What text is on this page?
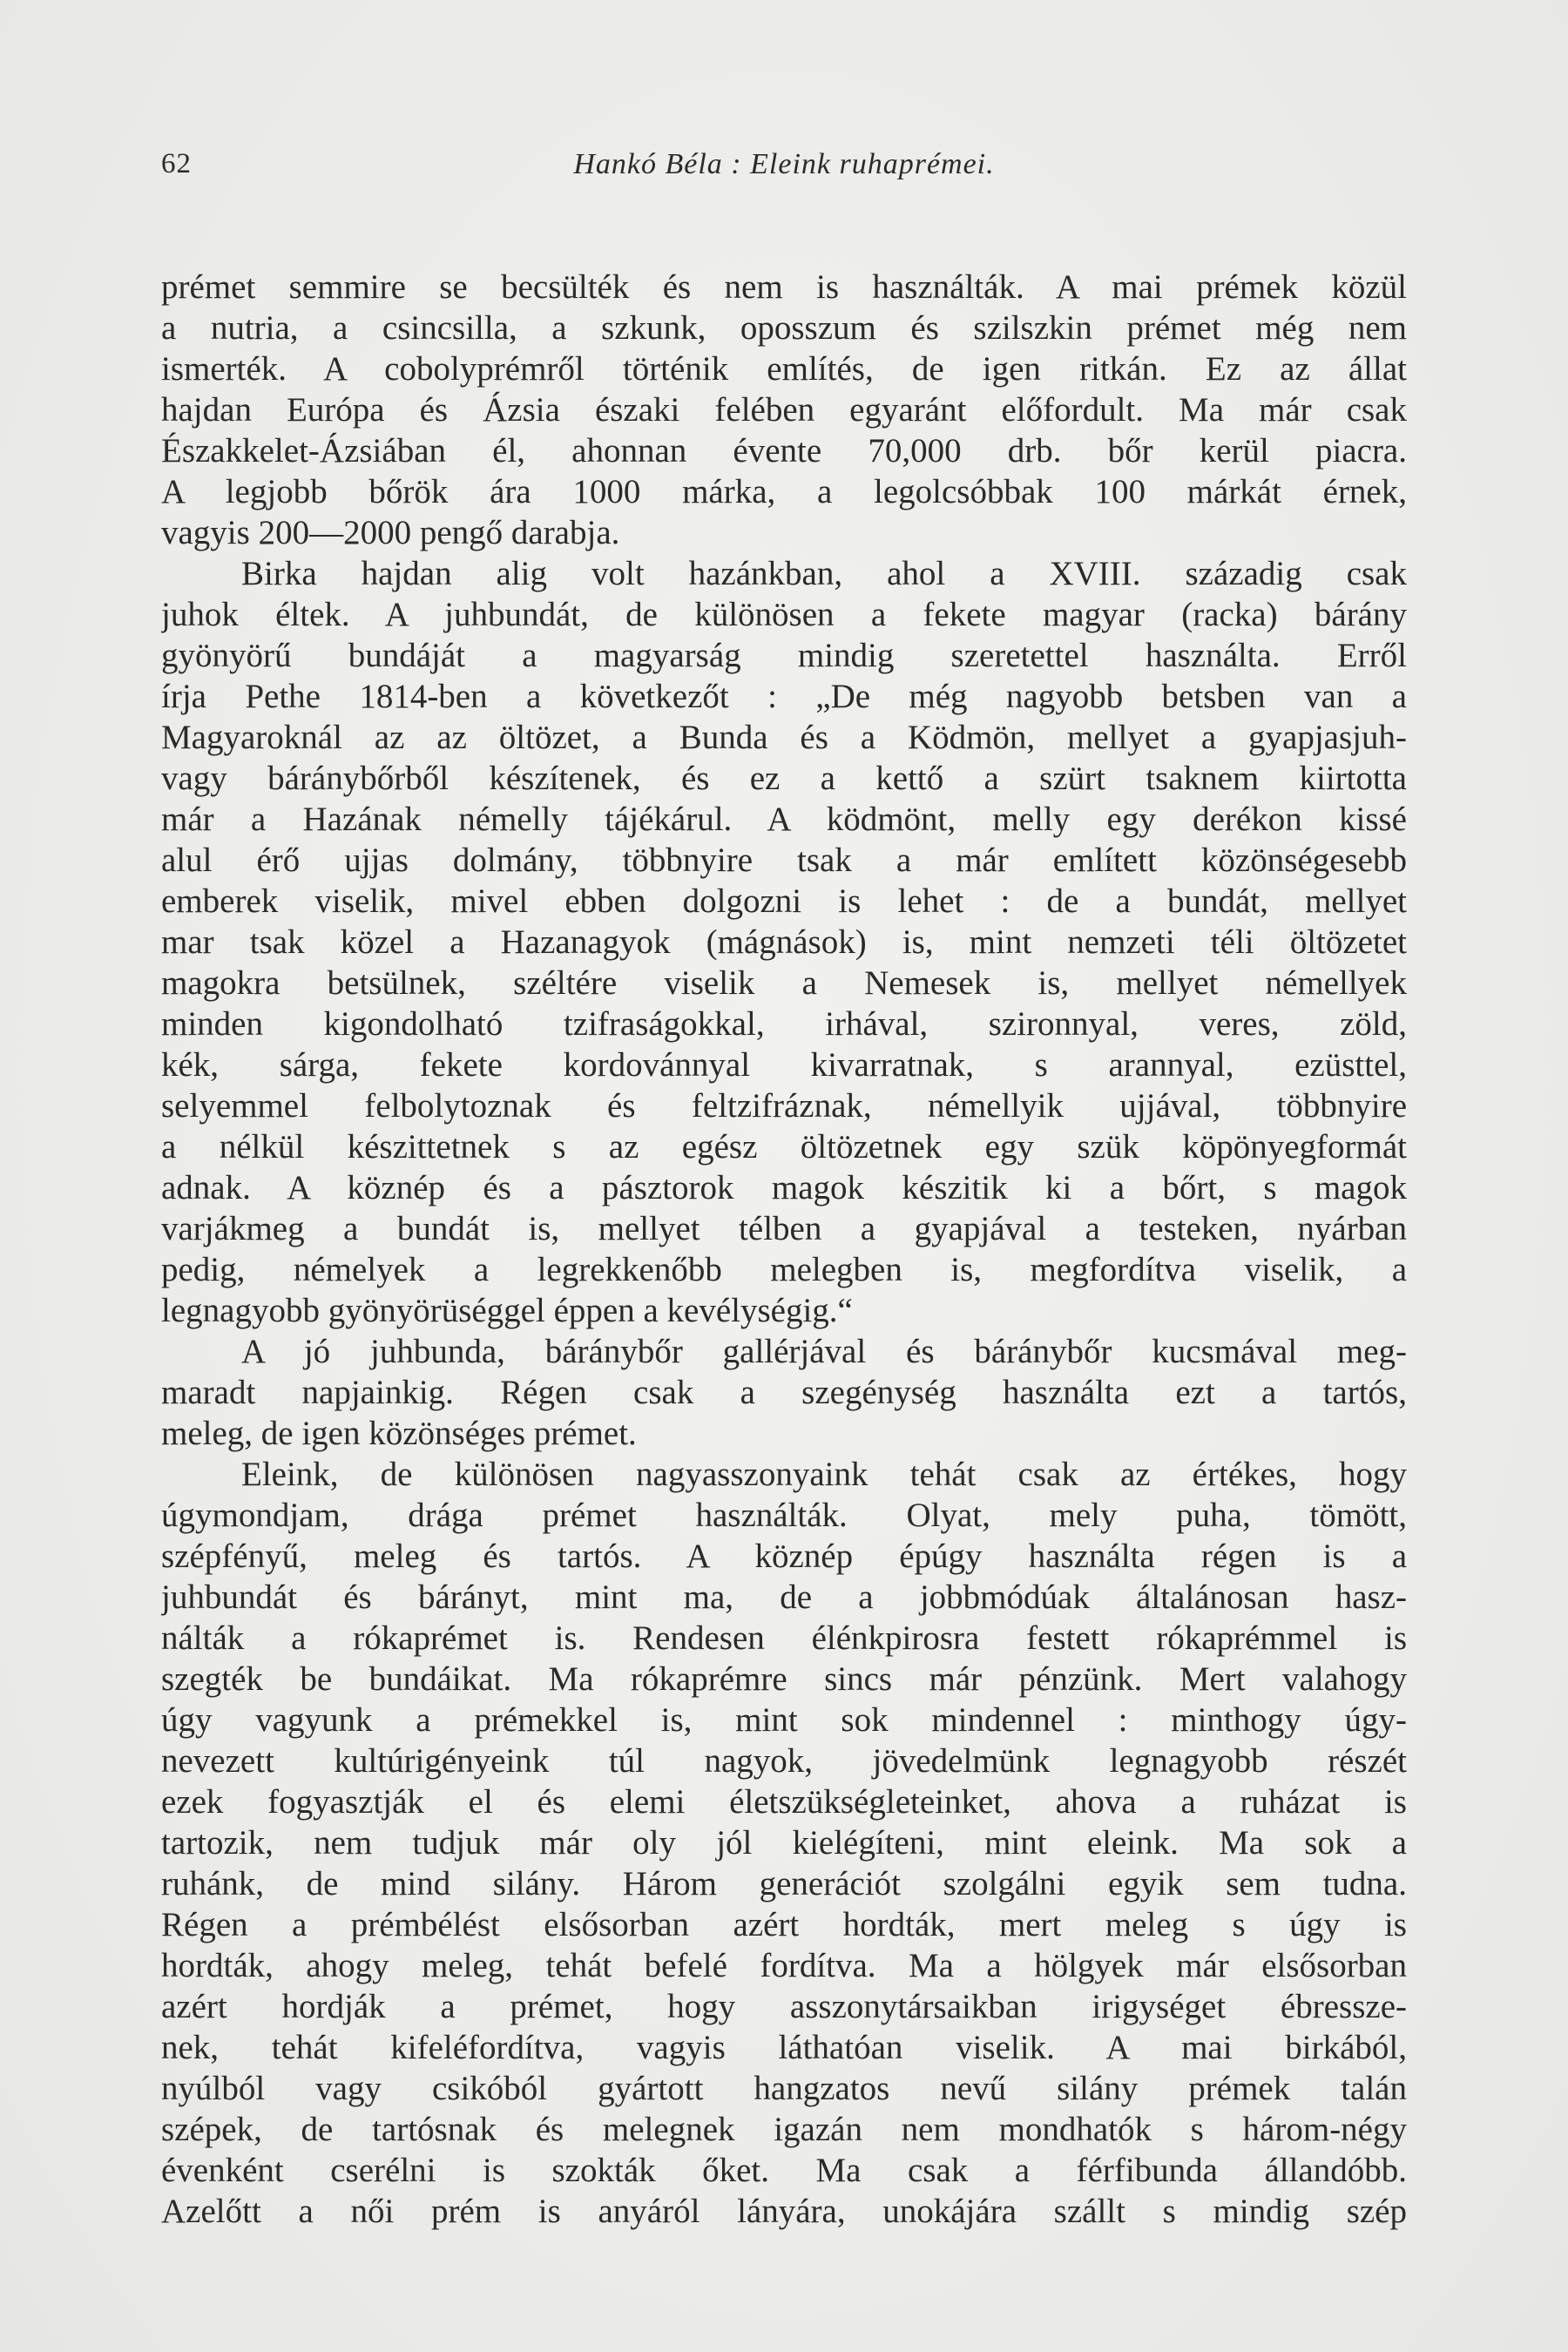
62	Hankó Béla : Eleink ruhaprémei.
prémet semmire se becsülték és nem is használták. A mai prémek közül
a nutria, a csincsilla, a szkunk, oposszum és szilszkin prémet még nem
ismerték. A cobolyprémről történik említés, de igen ritkán. Ez az állat
hajdan Európa és Ázsia északi felében egyaránt előfordult. Ma már csak
Északkelet-Ázsiában él, ahonnan évente 70,000 drb. bőr kerül piacra.
A legjobb bőrök ára 1000 márka, a legolcsóbbak 100 márkát érnek,
vagyis 200—2000 pengő darabja.
Birka hajdan alig volt hazánkban, ahol a XVIII. századig csak
juhok éltek. A juhbundát, de különösen a fekete magyar (racka) bárány
gyönyörű bundáját a magyarság mindig szeretettel használta. Erről
írja Pethe 1814-ben a következőt : „De még nagyobb betsben van a
Magyaroknál az az öltözet, a Bunda és a Ködmön, mellyet a gyapjasjuh-
vagy báránybőrből készítenek, és ez a kettő a szürt tsaknem kiirtotta
már a Hazának némelly tájékárul. A ködmönt, melly egy derékon kissé
alul érő ujjas dolmány, többnyire tsak a már említett közönségesebb
emberek viselik, mivel ebben dolgozni is lehet : de a bundát, mellyet
mar tsak közel a Hazanagyok (mágnások) is, mint nemzeti téli öltözetet
magokra betsülnek, széltére viselik a Nemesek is, mellyet némellyek
minden kigondolható tzifraságokkal, irhával, szironnyal, veres, zöld,
kék, sárga, fekete kordovánnyal kivarratnak, s arannyal, ezüsttel,
selyemmel felbolytoznak és feltzifráznak, némellyik ujjával, többnyire
a nélkül készittetnek s az egész öltözetnek egy szük köpönyegformát
adnak. A köznép és a pásztorok magok készitik ki a bőrt, s magok
varjákmeg a bundát is, mellyet télben a gyapjával a testeken, nyárban
pedig, némelyek a legrekkenőbb melegben is, megfordítva viselik, a
legnagyobb gyönyörüséggel éppen a kevélységig.“
A jó juhbunda, báránybőr gallérjával és báránybőr kucsmával meg-
maradt napjainkig. Régen csak a szegénység használta ezt a tartós,
meleg, de igen közönséges prémet.
Eleink, de különösen nagyasszonyaink tehát csak az értékes, hogy
úgymondjam, drága prémet használták. Olyat, mely puha, tömött,
szépfényű, meleg és tartós. A köznép épúgy használta régen is a
juhbundát és bárányt, mint ma, de a jobbmódúak általánosan hasz-
nálták a rókaprémet is. Rendesen élénkpirosra festett rókaprémmel is
szegték be bundáikat. Ma rókaprémre sincs már pénzünk. Mert valahogy
úgy vagyunk a prémekkel is, mint sok mindennel : minthogy úgy-
nevezett kultúrigényeink túl nagyok, jövedelmünk legnagyobb részét
ezek fogyasztják el és elemi életszükségleteinket, ahova a ruházat is
tartozik, nem tudjuk már oly jól kielégíteni, mint eleink. Ma sok a
ruhánk, de mind silány. Három generációt szolgálni egyik sem tudna.
Régen a prémbélést elsősorban azért hordták, mert meleg s úgy is
hordták, ahogy meleg, tehát befelé fordítva. Ma a hölgyek már elsősorban
azért hordják a prémet, hogy asszonytársaikban irigységet ébresszе-
nek, tehát kifeléfordítva, vagyis láthatóan viselik. A mai birkából,
nyúlból vagy csikóból gyártott hangzatos nevű silány prémek talán
szépek, de tartósnak és melegnek igazán nem mondhatók s három-négy
évenként cserélni is szokták őket. Ma csak a férfibunda állandóbb.
Azelőtt a női prém is anyáról lányára, unokájára szállt s mindig szép
